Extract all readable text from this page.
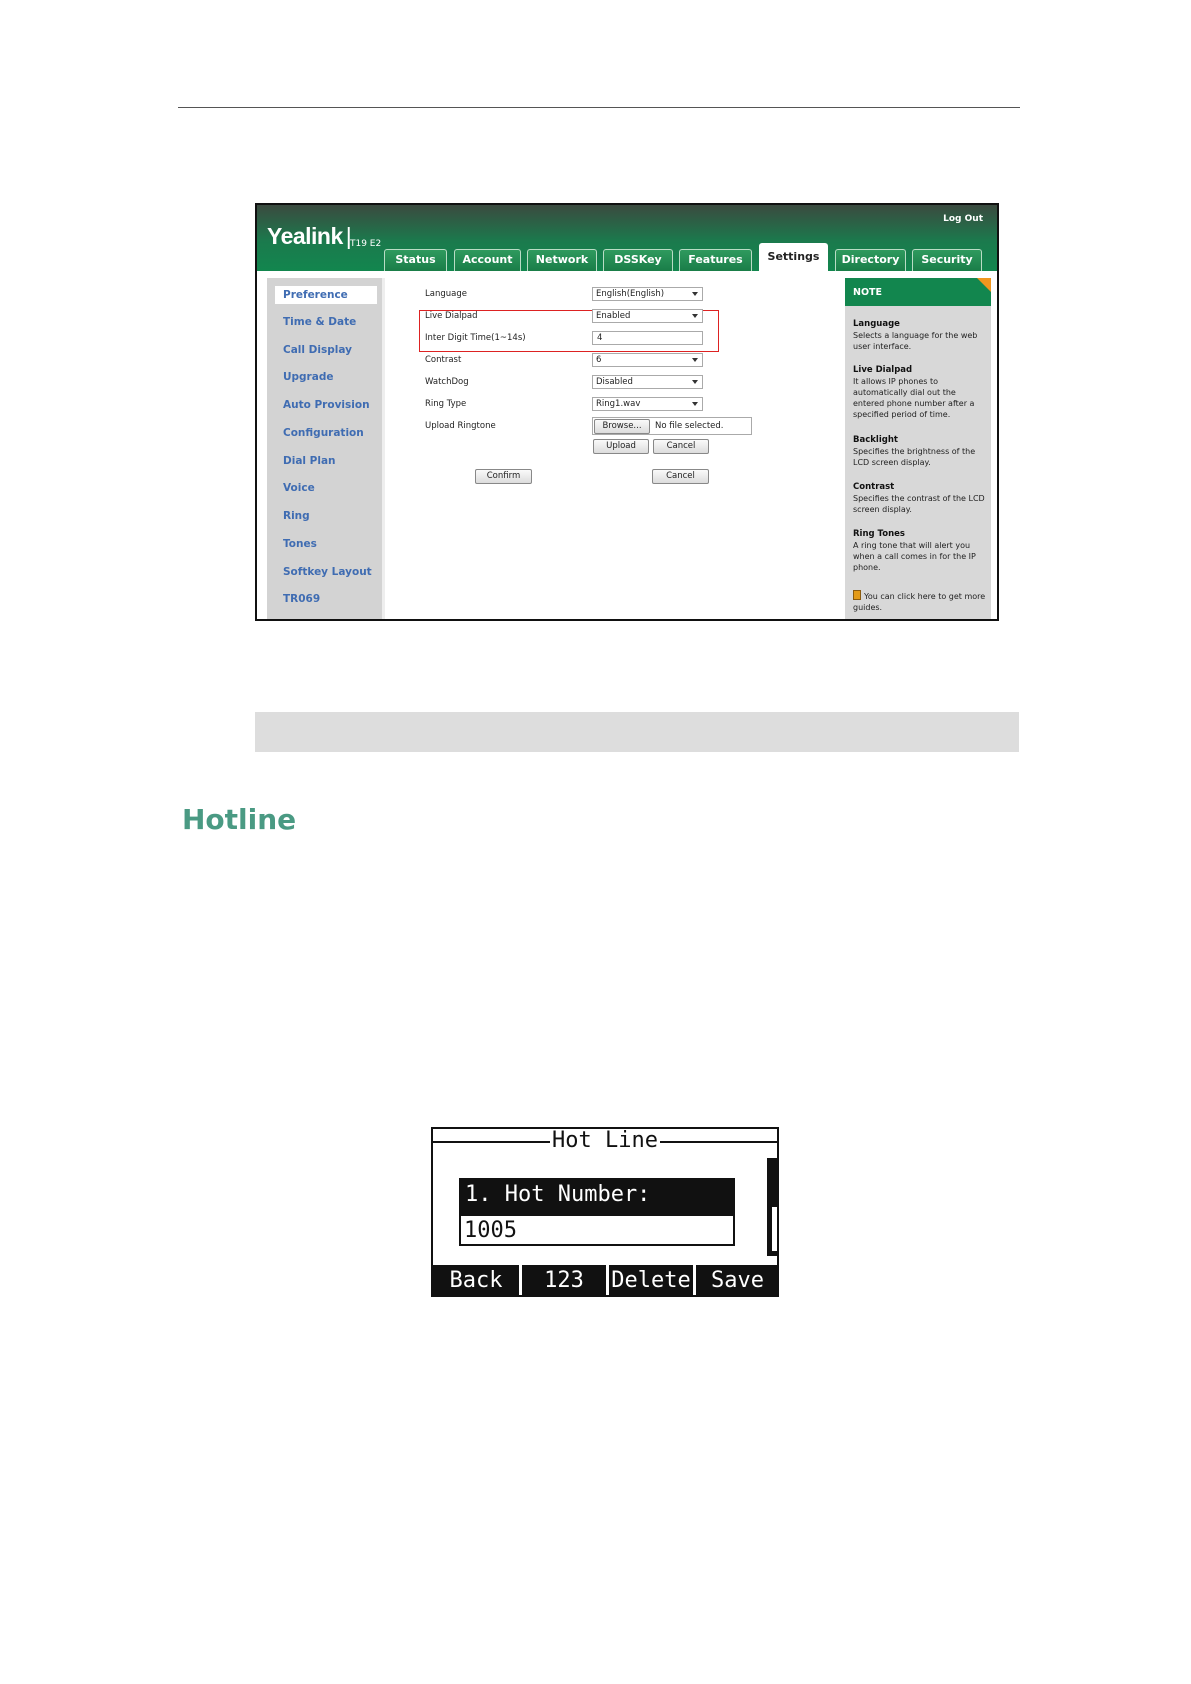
Yealink |
T19 E2
Log Out
Status	Account	Network	DSSKey	Features	Settings	Directory	Security
Preference
Time & Date
Call Display
Upgrade
Auto Provision
Configuration
Dial Plan
Voice
Ring
Tones
Softkey Layout
TR069
Language	English(English)
Live Dialpad	Enabled
Inter Digit Time(1~14s)	4
Contrast	6
WatchDog	Disabled
Ring Type	Ring1.wav
Upload Ringtone	Browse...	No file selected.
Upload	Cancel
Confirm	Cancel
NOTE
Language
Selects a language for the web user interface.
Live Dialpad
It allows IP phones to automatically dial out the entered phone number after a specified period of time.
Backlight
Specifies the brightness of the LCD screen display.
Contrast
Specifies the contrast of the LCD screen display.
Ring Tones
A ring tone that will alert you when a call comes in for the IP phone.
You can click here to get more guides.
Hotline
Hot Line
1. Hot Number:
1005
Back	123	Delete Save
